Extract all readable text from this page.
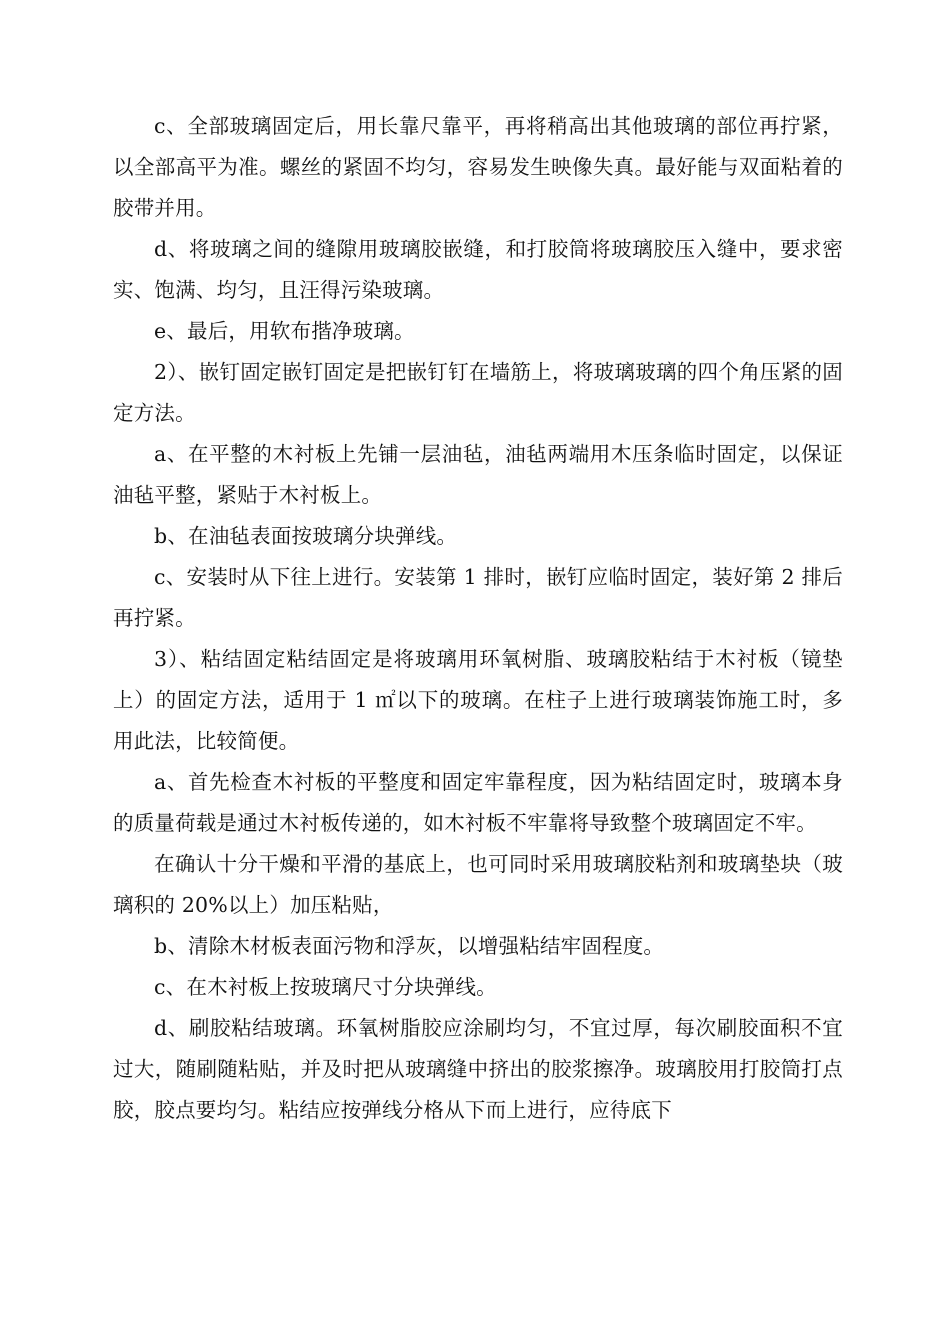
c、全部玻璃固定后，用长靠尺靠平，再将稍高出其他玻璃的部位再拧紧，以全部高平为准。螺丝的紧固不均匀，容易发生映像失真。最好能与双面粘着的胶带并用。

d、将玻璃之间的缝隙用玻璃胶嵌缝，和打胶筒将玻璃胶压入缝中，要求密实、饱满、均匀，且汪得污染玻璃。

e、最后，用软布揩净玻璃。

2）、嵌钉固定嵌钉固定是把嵌钉钉在墙筋上，将玻璃玻璃的四个角压紧的固定方法。

a、在平整的木衬板上先铺一层油毡，油毡两端用木压条临时固定，以保证油毡平整，紧贴于木衬板上。

b、在油毡表面按玻璃分块弹线。

c、安装时从下往上进行。安装第 1 排时，嵌钉应临时固定，装好第 2 排后再拧紧。

3）、粘结固定粘结固定是将玻璃用环氧树脂、玻璃胶粘结于木衬板（镜垫上）的固定方法，适用于 1 ㎡以下的玻璃。在柱子上进行玻璃装饰施工时，多用此法，比较简便。

a、首先检查木衬板的平整度和固定牢靠程度，因为粘结固定时，玻璃本身的质量荷载是通过木衬板传递的，如木衬板不牢靠将导致整个玻璃固定不牢。

在确认十分干燥和平滑的基底上，也可同时采用玻璃胶粘剂和玻璃垫块（玻璃积的 20%以上）加压粘贴，

b、清除木材板表面污物和浮灰，以增强粘结牢固程度。

c、在木衬板上按玻璃尺寸分块弹线。

d、刷胶粘结玻璃。环氧树脂胶应涂刷均匀，不宜过厚，每次刷胶面积不宜过大，随刷随粘贴，并及时把从玻璃缝中挤出的胶浆擦净。玻璃胶用打胶筒打点胶，胶点要均匀。粘结应按弹线分格从下而上进行，应待底下
